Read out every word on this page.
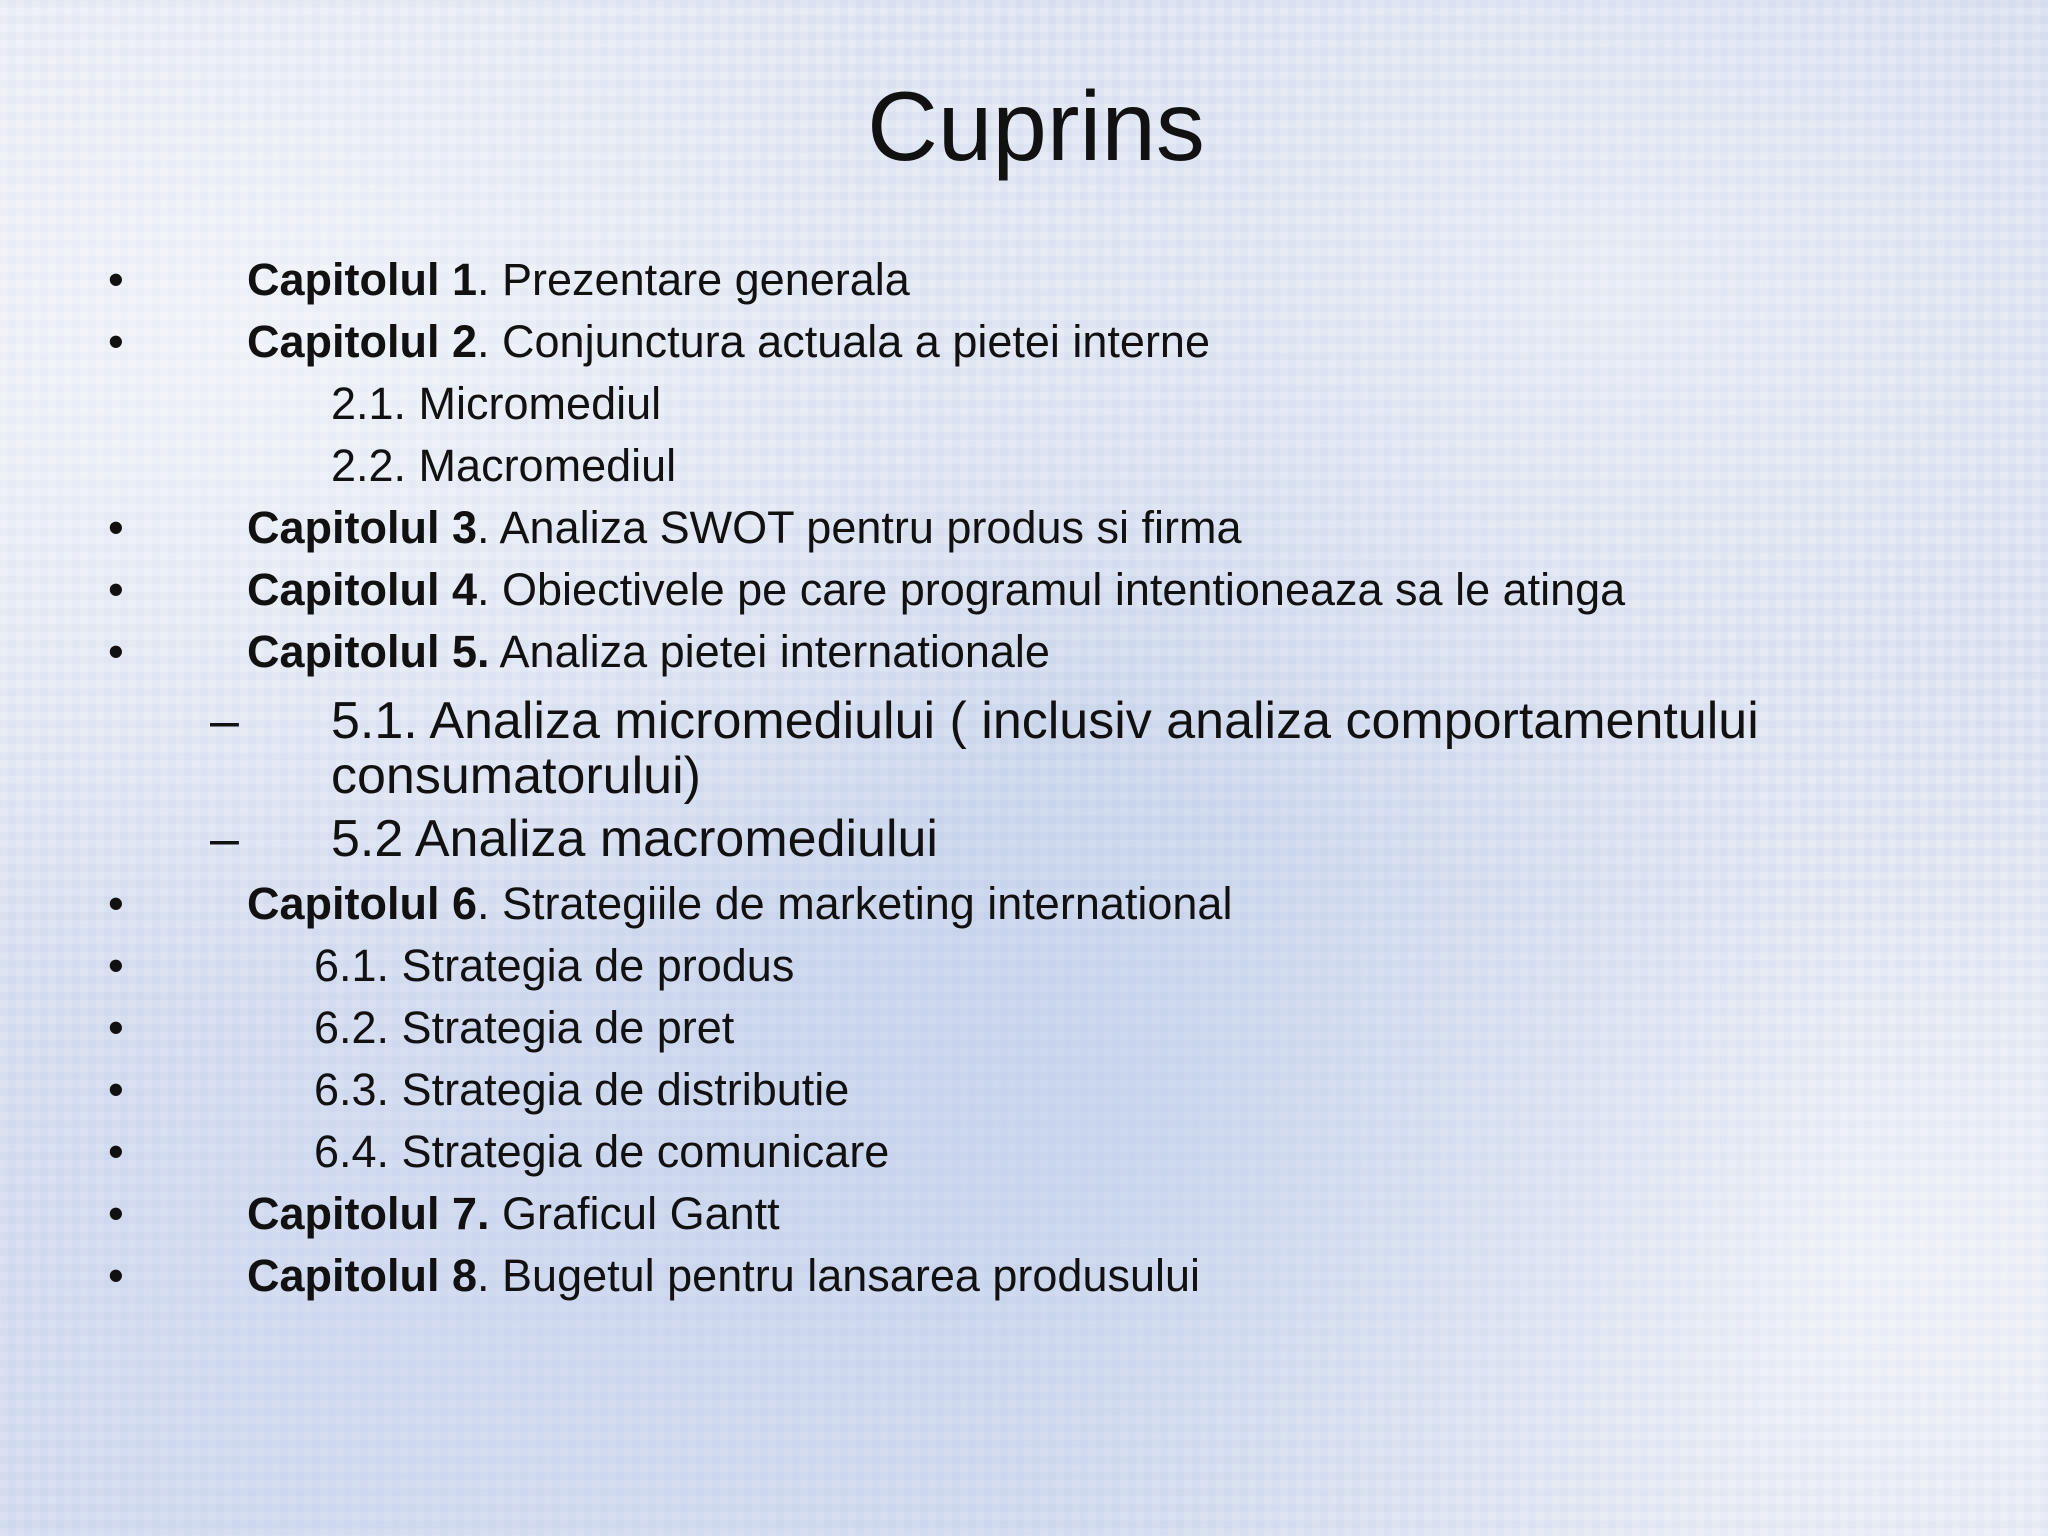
Cuprins
•	Capitolul 1. Prezentare generala
•	Capitolul 2. Conjunctura actuala a pietei interne
2.1. Micromediul
2.2. Macromediul
•	Capitolul 3. Analiza SWOT pentru produs si firma
•	Capitolul 4. Obiectivele pe care programul intentioneaza sa le atinga
•	Capitolul 5. Analiza pietei internationale
– 5.1. Analiza micromediului ( inclusiv analiza comportamentului
consumatorului)
– 5.2 Analiza macromediului
•	Capitolul 6. Strategiile de marketing international
•	6.1. Strategia de produs
•	6.2. Strategia de pret
•	6.3. Strategia de distributie
•	6.4. Strategia de comunicare
•	Capitolul 7. Graficul Gantt
•	Capitolul 8. Bugetul pentru lansarea produsului
